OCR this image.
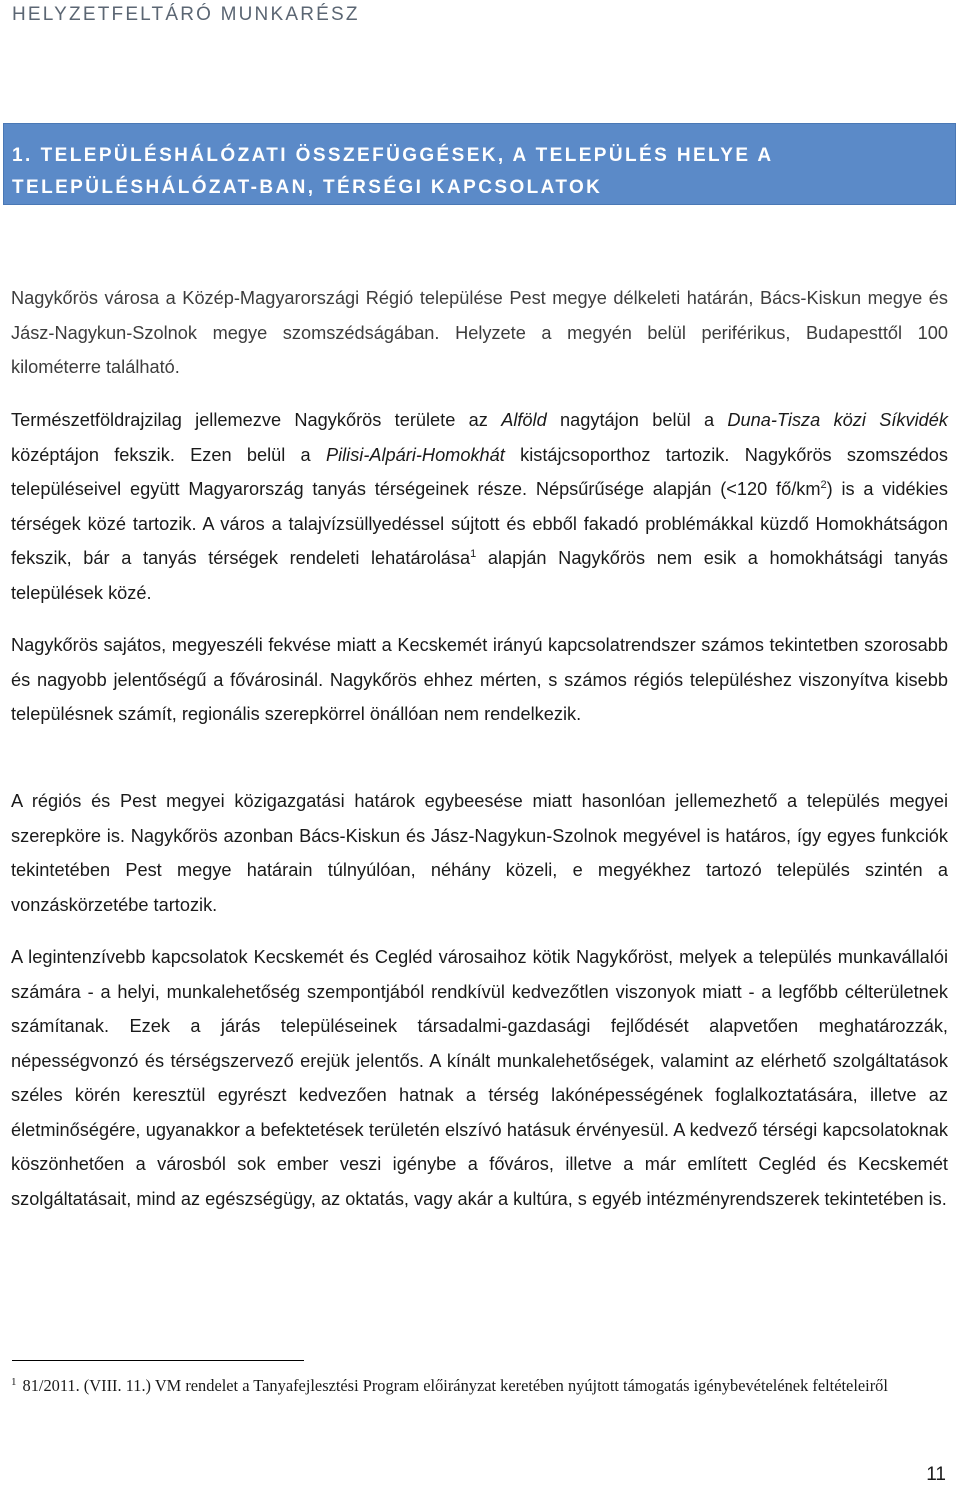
HELYZETFELTÁRÓ MUNKARÉSZ
1. TELEPÜLÉSHÁLÓZATI ÖSSZEFÜGGÉSEK, A TELEPÜLÉS HELYE A TELEPÜLÉSHÁLÓZAT-BAN, TÉRSÉGI KAPCSOLATOK

Nagykőrös városa a Közép-Magyarországi Régió települése Pest megye délkeleti határán, Bács-Kiskun megye és Jász-Nagykun-Szolnok megye szomszédságában. Helyzete a megyén belül periférikus, Budapesttől 100 kilométerre található.

Természetföldrajzilag jellemezve Nagykőrös területe az Alföld nagytájon belül a Duna-Tisza közi Síkvidék középtájon fekszik. Ezen belül a Pilisi-Alpári-Homokhát kistájcsoporthoz tartozik. Nagykőrös szomszédos településeivel együtt Magyarország tanyás térségeinek része. Népsűrűsége alapján (<120 $fő/km^2$) is a vidékies térségek közé tartozik. A város a talajvízsüllyedéssel sújtott és ebből fakadó problémákkal küzdő Homokhátságon fekszik, bár a tanyás térségek rendeleti lehatárolása$^1$ alapján Nagykőrös nem esik a homokhátsági tanyás települések közé.

Nagykőrös sajátos, megyeszéli fekvése miatt a Kecskemét irányú kapcsolatrendszer számos tekintetben szorosabb és nagyobb jelentőségű a fővárosinál. Nagykőrös ehhez mérten, s számos régiós településhez viszonyítva kisebb településnek számít, regionális szerepkörrel önállóan nem rendelkezik.

A régiós és Pest megyei közigazgatási határok egybeesése miatt hasonlóan jellemezhető a település megyei szerepköre is. Nagykőrös azonban Bács-Kiskun és Jász-Nagykun-Szolnok megyével is határos, így egyes funkciók tekintetében Pest megye határain túlnyúlóan, néhány közeli, e megyékhez tartozó település szintén a vonzáskörzetébe tartozik.

A legintenzívebb kapcsolatok Kecskemét és Cegléd városaihoz kötik Nagykőröst, melyek a település munkavállalói számára - a helyi, munkalehetőség szempontjából rendkívül kedvezőtlen viszonyok miatt - a legfőbb célterületnek számítanak. Ezek a járás településeinek társadalmi-gazdasági fejlődését alapvetően meghatározzák, népességvonzó és térségszervező erejük jelentős. A kínált munkalehetőségek, valamint az elérhető szolgáltatások széles körén keresztül egyrészt kedvezően hatnak a térség lakónépességének foglalkoztatására, illetve az életminőségére, ugyanakkor a befektetések területén elszívó hatásuk érvényesül. A kedvező térségi kapcsolatoknak köszönhetően a városból sok ember veszi igénybe a főváros, illetve a már említett Cegléd és Kecskemét szolgáltatásait, mind az egészségügy, az oktatás, vagy akár a kultúra, s egyéb intézményrendszerek tekintetében is.

$^1$ 81/2011. (VIII. 11.) VM rendelet a Tanyafejlesztési Program előirányzat keretében nyújtott támogatás igénybevételének feltételeiről

11
